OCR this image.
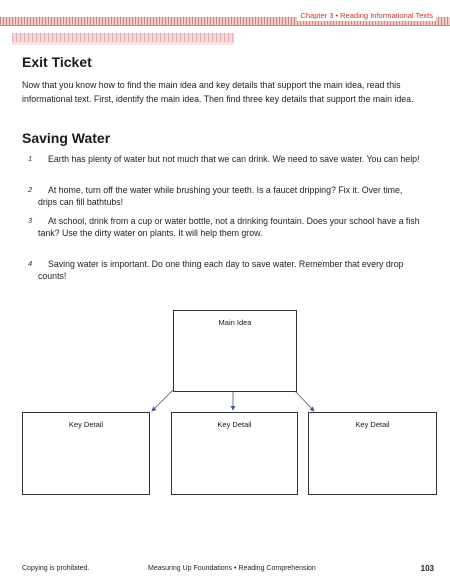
Chapter 3 • Reading Informational Texts
Exit Ticket

Now that you know how to find the main idea and key details that support the main idea, read this informational text. First, identify the main idea. Then find three key details that support the main idea.

Saving Water
1	Earth has plenty of water but not much that we can drink. We need to save water. You can help!

2	At home, turn off the water while brushing your teeth. Is a faucet dripping? Fix it. Over time, drips can fill bathtubs!

3	At school, drink from a cup or water bottle, not a drinking fountain. Does your school have a fish tank? Use the dirty water on plants. It will help them grow.

4	Saving water is important. Do one thing each day to save water. Remember that every drop counts!

Main Idea
Key Detail	Key Detail	Key Detail
Copying is prohibited.	Measuring Up Foundations • Reading Comprehension	103
